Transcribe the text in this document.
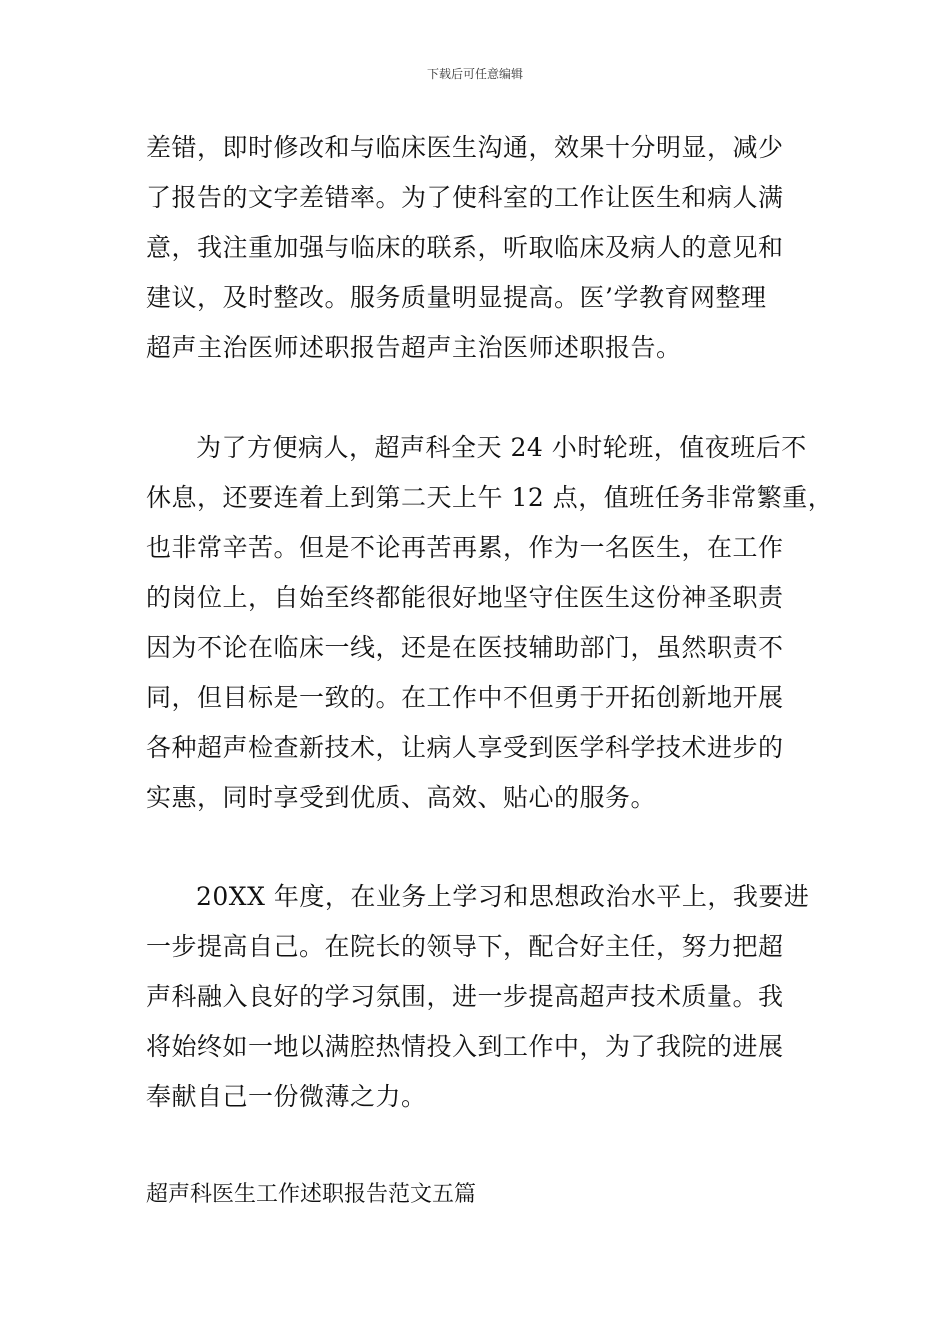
下载后可任意编辑
差错，即时修改和与临床医生沟通，效果十分明显，减少
了报告的文字差错率。为了使科室的工作让医生和病人满
意，我注重加强与临床的联系，听取临床及病人的意见和
建议，及时整改。服务质量明显提高。医’学教育网整理
超声主治医师述职报告超声主治医师述职报告。
为了方便病人，超声科全天 24 小时轮班，值夜班后不
休息，还要连着上到第二天上午 12 点，值班任务非常繁重，
也非常辛苦。但是不论再苦再累，作为一名医生，在工作
的岗位上，自始至终都能很好地坚守住医生这份神圣职责
因为不论在临床一线，还是在医技辅助部门，虽然职责不
同，但目标是一致的。在工作中不但勇于开拓创新地开展
各种超声检查新技术，让病人享受到医学科学技术进步的
实惠，同时享受到优质、高效、贴心的服务。
20XX 年度，在业务上学习和思想政治水平上，我要进
一步提高自己。在院长的领导下，配合好主任，努力把超
声科融入良好的学习氛围，进一步提高超声技术质量。我
将始终如一地以满腔热情投入到工作中，为了我院的进展
奉献自己一份微薄之力。
超声科医生工作述职报告范文五篇
